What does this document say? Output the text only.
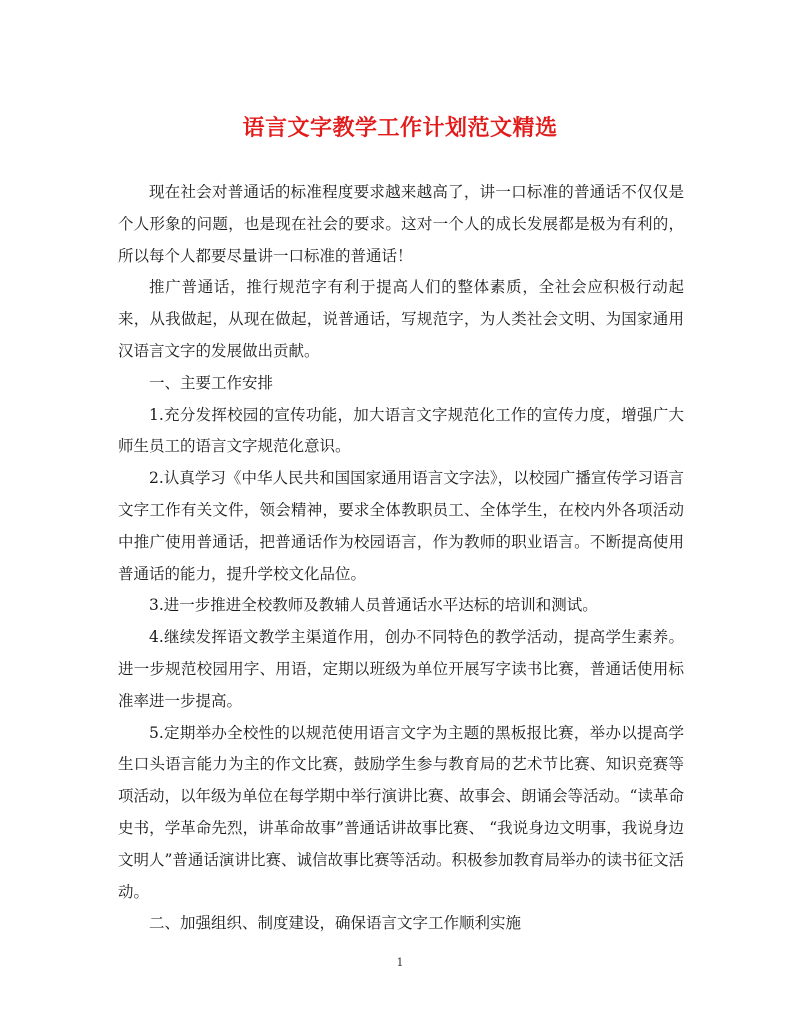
语言文字教学工作计划范文精选

现在社会对普通话的标准程度要求越来越高了，讲一口标准的普通话不仅仅是个人形象的问题，也是现在社会的要求。这对一个人的成长发展都是极为有利的，所以每个人都要尽量讲一口标准的普通话！

推广普通话，推行规范字有利于提高人们的整体素质，全社会应积极行动起来，从我做起，从现在做起，说普通话，写规范字，为人类社会文明、为国家通用汉语言文字的发展做出贡献。

一、主要工作安排

1.充分发挥校园的宣传功能，加大语言文字规范化工作的宣传力度，增强广大师生员工的语言文字规范化意识。

2.认真学习《中华人民共和国国家通用语言文字法》，以校园广播宣传学习语言文字工作有关文件，领会精神，要求全体教职员工、全体学生，在校内外各项活动中推广使用普通话，把普通话作为校园语言，作为教师的职业语言。不断提高使用普通话的能力，提升学校文化品位。

3.进一步推进全校教师及教辅人员普通话水平达标的培训和测试。

4.继续发挥语文教学主渠道作用，创办不同特色的教学活动，提高学生素养。进一步规范校园用字、用语，定期以班级为单位开展写字读书比赛，普通话使用标准率进一步提高。

5.定期举办全校性的以规范使用语言文字为主题的黑板报比赛，举办以提高学生口头语言能力为主的作文比赛，鼓励学生参与教育局的艺术节比赛、知识竞赛等项活动，以年级为单位在每学期中举行演讲比赛、故事会、朗诵会等活动。“读革命史书，学革命先烈，讲革命故事”普通话讲故事比赛、 “我说身边文明事，我说身边文明人”普通话演讲比赛、诚信故事比赛等活动。积极参加教育局举办的读书征文活动。

二、加强组织、制度建设，确保语言文字工作顺利实施

1
